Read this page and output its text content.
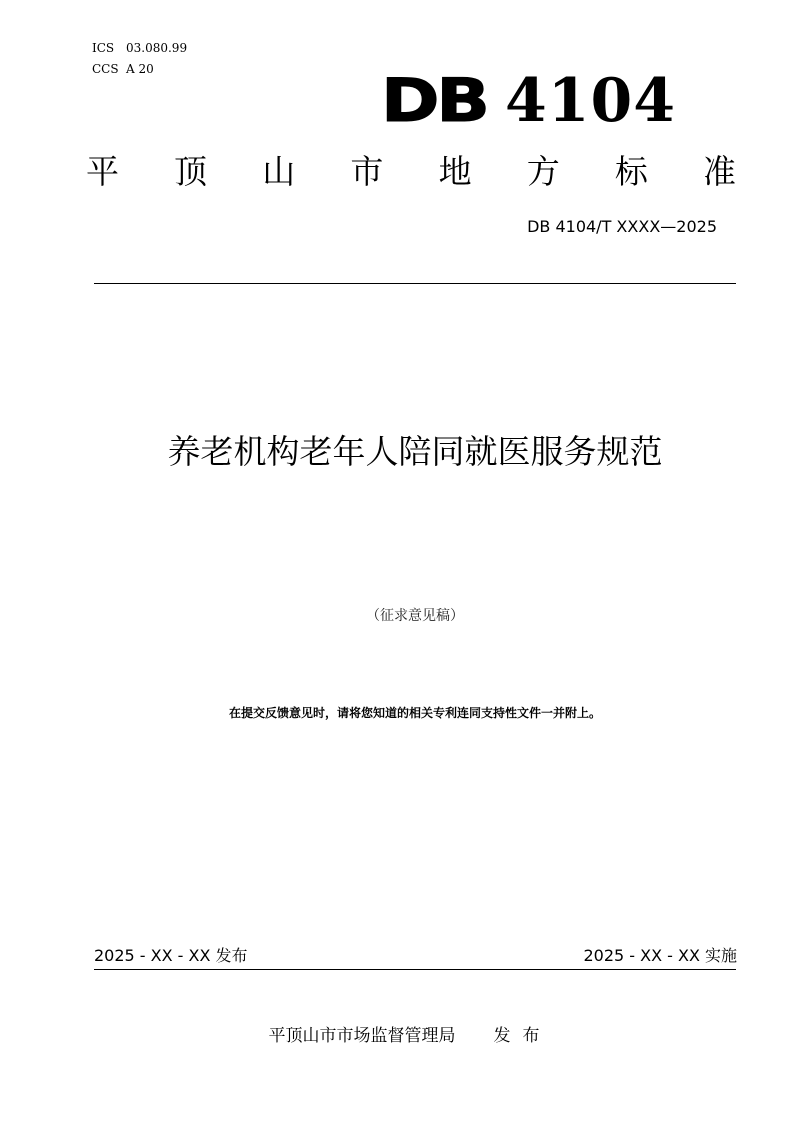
ICS 03.080.99
CCS A 20	DB 4104
平 顶 山 市 地 方 标 准
DB 4104/T XXXX—2025
养老机构老年人陪同就医服务规范
（征求意见稿）
在提交反馈意见时，请将您知道的相关专利连同支持性文件一并附上。
2025 - XX - XX 发布	2025 - XX - XX 实施
平顶山市市场监督管理局 发布
